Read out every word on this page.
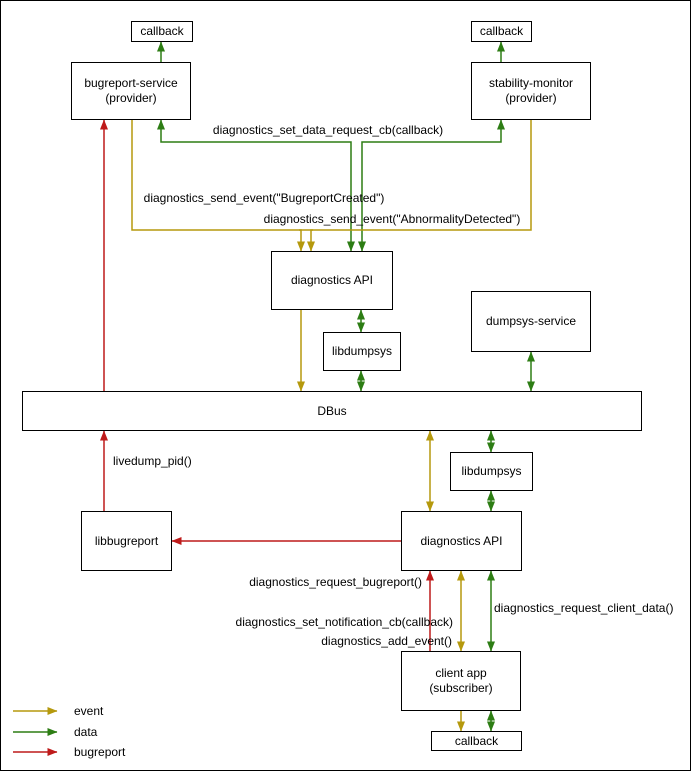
callback
bugreport-service
(provider)
callback
stability-monitor
(provider)
diagnostics API
libdumpsys
dumpsys-service
DBus
libdumpsys
libbugreport	diagnostics API
client app
(subscriber)
callback
diagnostics_set_data_request_cb(callback)
diagnostics_send_event("BugreportCreated")
diagnostics_send_event("AbnormalityDetected")
livedump_pid()
diagnostics_request_bugreport()
diagnostics_request_client_data()
diagnostics_set_notification_cb(callback)
diagnostics_add_event()
event
data
bugreport
